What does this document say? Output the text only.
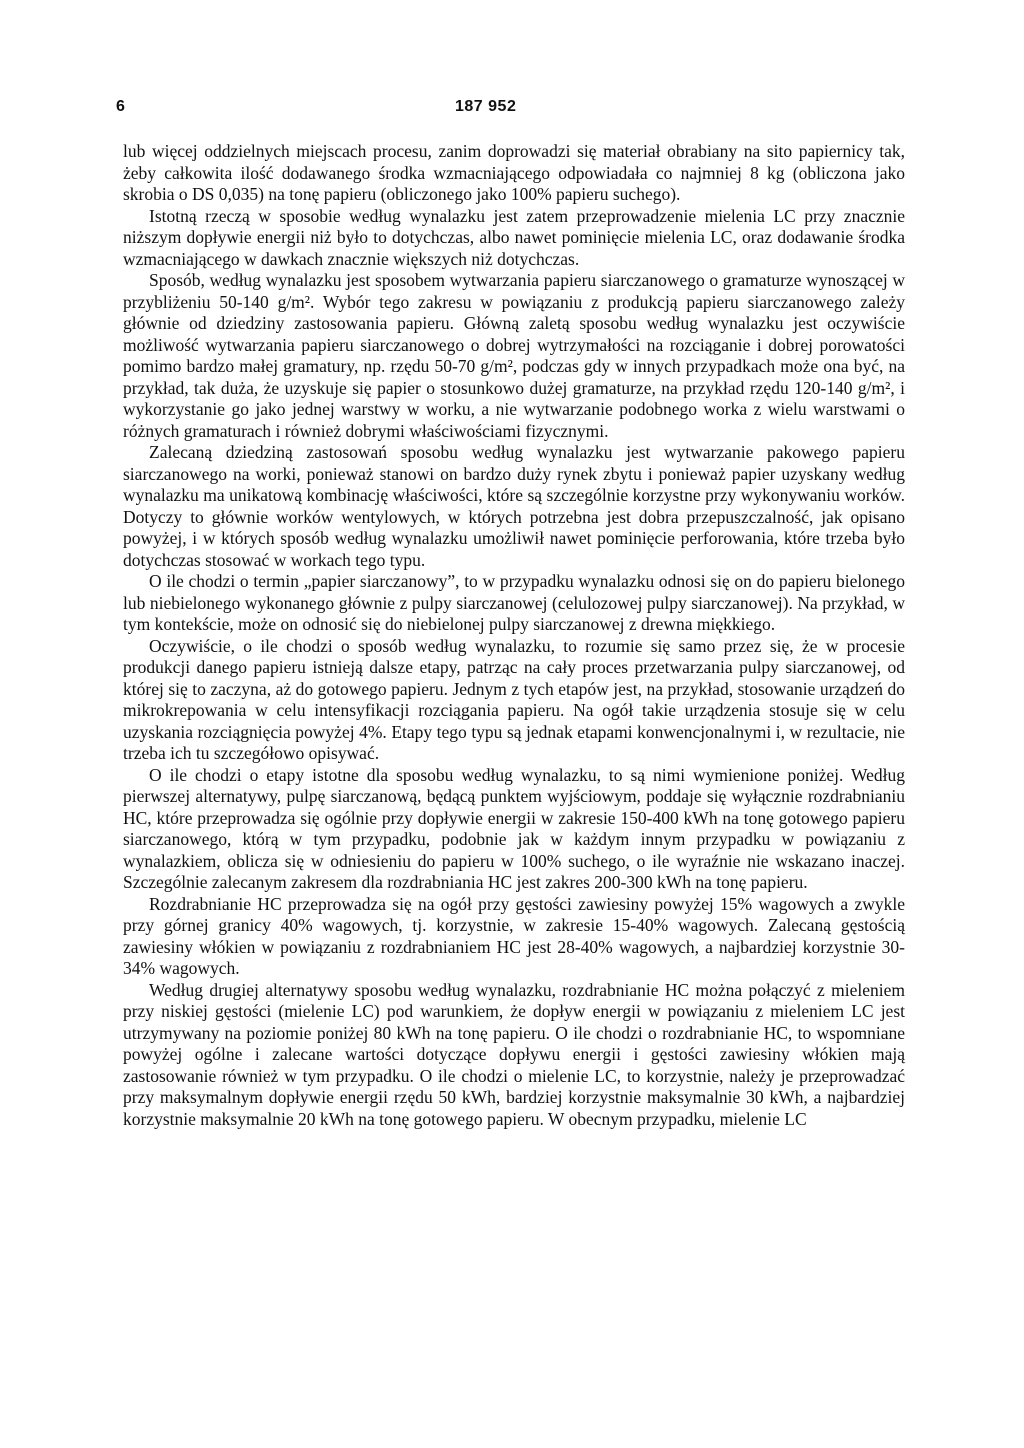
6	187 952

lub więcej oddzielnych miejscach procesu, zanim doprowadzi się materiał obrabiany na sito papiernicy tak, żeby całkowita ilość dodawanego środka wzmacniającego odpowiadała co najmniej 8 kg (obliczona jako skrobia o DS 0,035) na tonę papieru (obliczonego jako 100% papieru suchego).

Istotną rzeczą w sposobie według wynalazku jest zatem przeprowadzenie mielenia LC przy znacznie niższym dopływie energii niż było to dotychczas, albo nawet pominięcie mielenia LC, oraz dodawanie środka wzmacniającego w dawkach znacznie większych niż dotychczas.

Sposób, według wynalazku jest sposobem wytwarzania papieru siarczanowego o gramaturze wynoszącej w przybliżeniu 50-140 g/m². Wybór tego zakresu w powiązaniu z produkcją papieru siarczanowego zależy głównie od dziedziny zastosowania papieru. Główną zaletą sposobu według wynalazku jest oczywiście możliwość wytwarzania papieru siarczanowego o dobrej wytrzymałości na rozciąganie i dobrej porowatości pomimo bardzo małej gramatury, np. rzędu 50-70 g/m², podczas gdy w innych przypadkach może ona być, na przykład, tak duża, że uzyskuje się papier o stosunkowo dużej gramaturze, na przykład rzędu 120-140 g/m², i wykorzystanie go jako jednej warstwy w worku, a nie wytwarzanie podobnego worka z wielu warstwami o różnych gramaturach i również dobrymi właściwościami fizycznymi.

Zalecaną dziedziną zastosowań sposobu według wynalazku jest wytwarzanie pakowego papieru siarczanowego na worki, ponieważ stanowi on bardzo duży rynek zbytu i ponieważ papier uzyskany według wynalazku ma unikatową kombinację właściwości, które są szczególnie korzystne przy wykonywaniu worków. Dotyczy to głównie worków wentylowych, w których potrzebna jest dobra przepuszczalność, jak opisano powyżej, i w których sposób według wynalazku umożliwił nawet pominięcie perforowania, które trzeba było dotychczas stosować w workach tego typu.

O ile chodzi o termin „papier siarczanowy”, to w przypadku wynalazku odnosi się on do papieru bielonego lub niebielonego wykonanego głównie z pulpy siarczanowej (celulozowej pulpy siarczanowej). Na przykład, w tym kontekście, może on odnosić się do niebielonej pulpy siarczanowej z drewna miękkiego.

Oczywiście, o ile chodzi o sposób według wynalazku, to rozumie się samo przez się, że w procesie produkcji danego papieru istnieją dalsze etapy, patrząc na cały proces przetwarzania pulpy siarczanowej, od której się to zaczyna, aż do gotowego papieru. Jednym z tych etapów jest, na przykład, stosowanie urządzeń do mikrokrepowania w celu intensyfikacji rozciągania papieru. Na ogół takie urządzenia stosuje się w celu uzyskania rozciągnięcia powyżej 4%. Etapy tego typu są jednak etapami konwencjonalnymi i, w rezultacie, nie trzeba ich tu szczegółowo opisywać.

O ile chodzi o etapy istotne dla sposobu według wynalazku, to są nimi wymienione poniżej. Według pierwszej alternatywy, pulpę siarczanową, będącą punktem wyjściowym, poddaje się wyłącznie rozdrabnianiu HC, które przeprowadza się ogólnie przy dopływie energii w zakresie 150-400 kWh na tonę gotowego papieru siarczanowego, którą w tym przypadku, podobnie jak w każdym innym przypadku w powiązaniu z wynalazkiem, oblicza się w odniesieniu do papieru w 100% suchego, o ile wyraźnie nie wskazano inaczej. Szczególnie zalecanym zakresem dla rozdrabniania HC jest zakres 200-300 kWh na tonę papieru.

Rozdrabnianie HC przeprowadza się na ogół przy gęstości zawiesiny powyżej 15% wagowych a zwykle przy górnej granicy 40% wagowych, tj. korzystnie, w zakresie 15-40% wagowych. Zalecaną gęstością zawiesiny włókien w powiązaniu z rozdrabnianiem HC jest 28-40% wagowych, a najbardziej korzystnie 30-34% wagowych.

Według drugiej alternatywy sposobu według wynalazku, rozdrabnianie HC można połączyć z mieleniem przy niskiej gęstości (mielenie LC) pod warunkiem, że dopływ energii w powiązaniu z mieleniem LC jest utrzymywany na poziomie poniżej 80 kWh na tonę papieru. O ile chodzi o rozdrabnianie HC, to wspomniane powyżej ogólne i zalecane wartości dotyczące dopływu energii i gęstości zawiesiny włókien mają zastosowanie również w tym przypadku. O ile chodzi o mielenie LC, to korzystnie, należy je przeprowadzać przy maksymalnym dopływie energii rzędu 50 kWh, bardziej korzystnie maksymalnie 30 kWh, a najbardziej korzystnie maksymalnie 20 kWh na tonę gotowego papieru. W obecnym przypadku, mielenie LC
